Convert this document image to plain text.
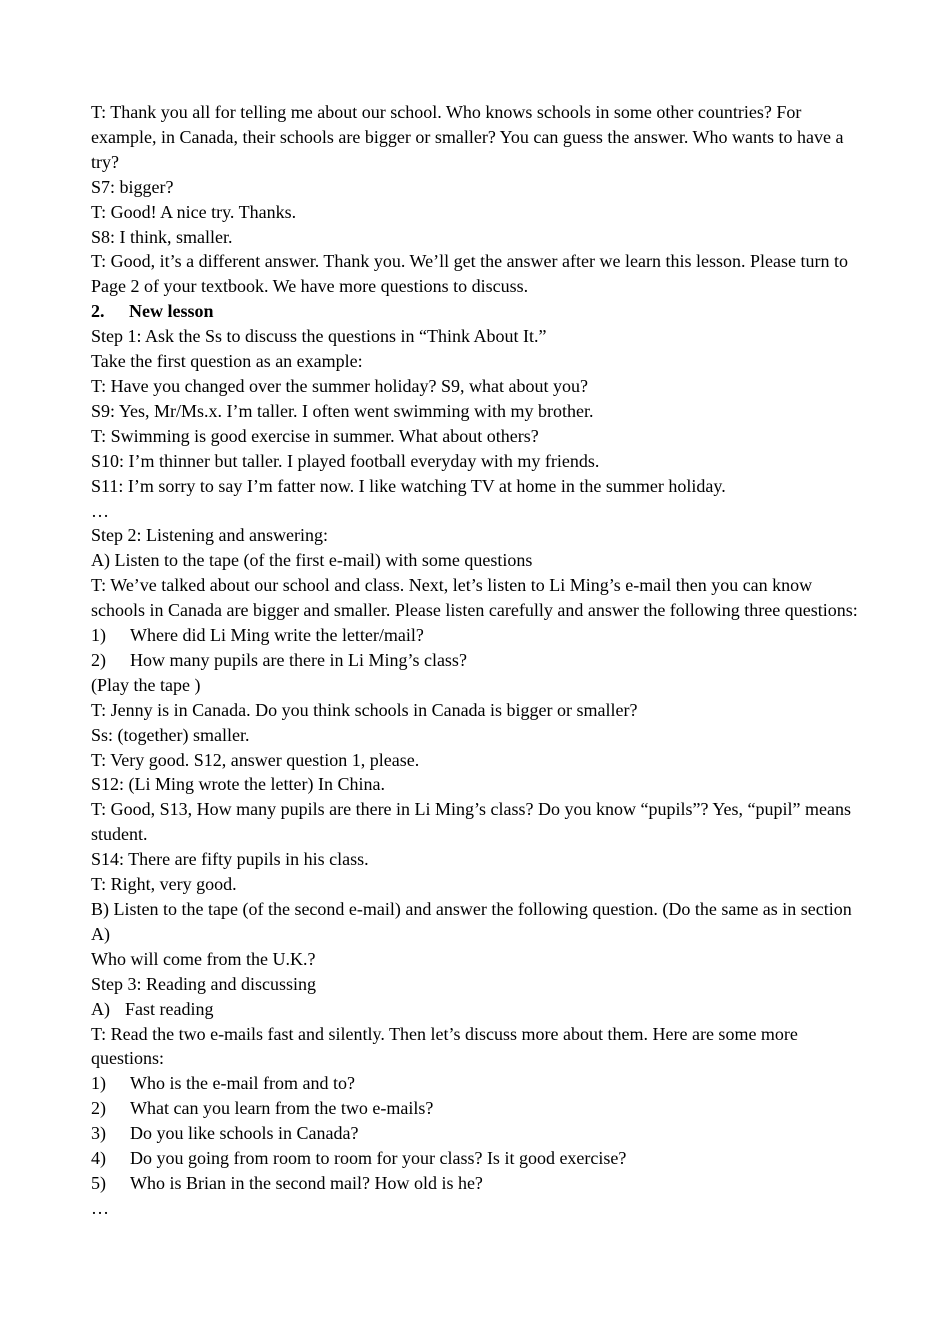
T: Thank you all for telling me about our school. Who knows schools in some other countries? For example, in Canada, their schools are bigger or smaller? You can guess the answer. Who wants to have a try?
S7: bigger?
T: Good! A nice try. Thanks.
S8: I think, smaller.
T: Good, it’s a different answer. Thank you. We’ll get the answer after we learn this lesson. Please turn to Page 2 of your textbook. We have more questions to discuss.
2.	New lesson
Step 1: Ask the Ss to discuss the questions in “Think About It.”
Take the first question as an example:
T: Have you changed over the summer holiday? S9, what about you?
S9: Yes, Mr/Ms.x. I’m taller. I often went swimming with my brother.
T: Swimming is good exercise in summer. What about others?
S10: I’m thinner but taller. I played football everyday with my friends.
S11: I’m sorry to say I’m fatter now. I like watching TV at home in the summer holiday.
…
Step 2: Listening and answering:
A) Listen to the tape (of the first e-mail) with some questions
T: We’ve talked about our school and class. Next, let’s listen to Li Ming’s e-mail then you can know schools in Canada are bigger and smaller. Please listen carefully and answer the following three questions:
1)	Where did Li Ming write the letter/mail?
2)	How many pupils are there in Li Ming’s class?
(Play the tape )
T: Jenny is in Canada. Do you think schools in Canada is bigger or smaller?
Ss: (together) smaller.
T: Very good. S12, answer question 1, please.
S12: (Li Ming wrote the letter) In China.
T: Good, S13, How many pupils are there in Li Ming’s class? Do you know “pupils”? Yes, “pupil” means student.
S14: There are fifty pupils in his class.
T: Right, very good.
B) Listen to the tape (of the second e-mail) and answer the following question. (Do the same as in section A)
Who will come from the U.K.?
Step 3: Reading and discussing
A) Fast reading
T: Read the two e-mails fast and silently. Then let’s discuss more about them. Here are some more questions:
1)	Who is the e-mail from and to?
2)	What can you learn from the two e-mails?
3)	Do you like schools in Canada?
4)	Do you going from room to room for your class? Is it good exercise?
5)	Who is Brian in the second mail? How old is he?
…
